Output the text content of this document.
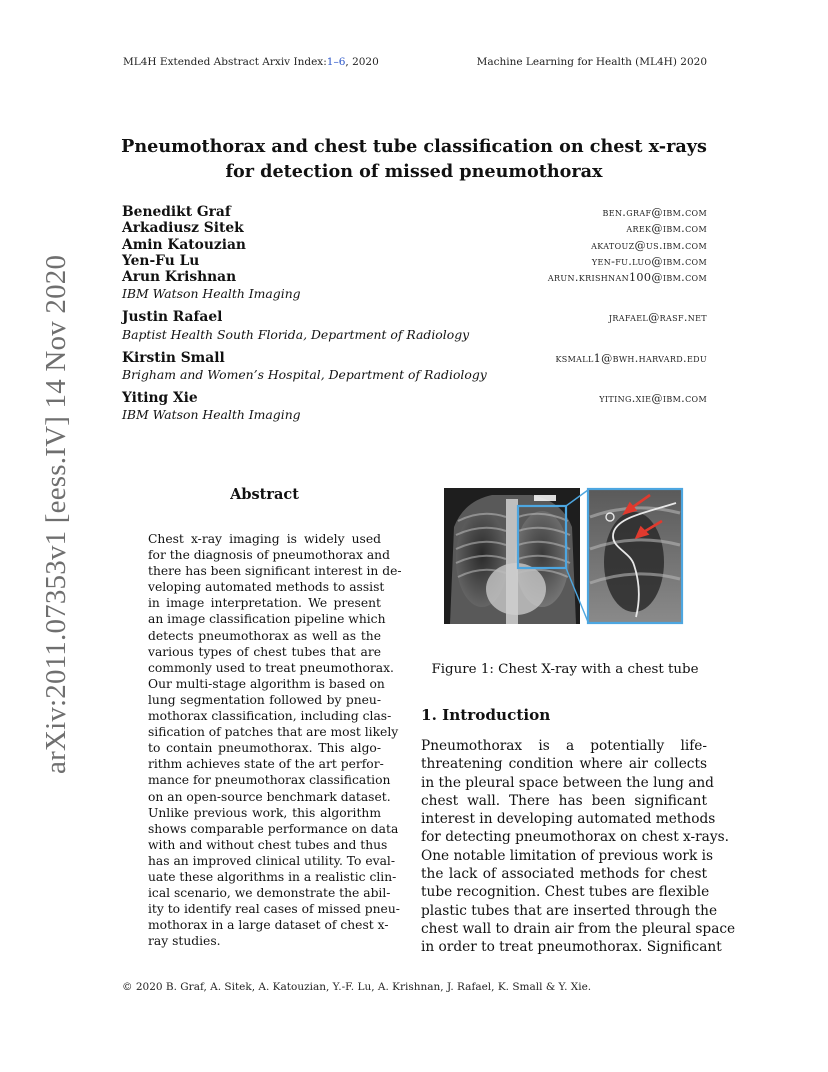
ML4H Extended Abstract Arxiv Index:1–6, 2020	Machine Learning for Health (ML4H) 2020
arXiv:2011.07353v1 [eess.IV] 14 Nov 2020
Pneumothorax and chest tube classification on chest x-rays
for detection of missed pneumothorax
Benedikt Graf	ben.graf@ibm.com
Arkadiusz Sitek	arek@ibm.com
Amin Katouzian	akatouz@us.ibm.com
Yen-Fu Lu	yen-fu.luo@ibm.com
Arun Krishnan	arun.krishnan100@ibm.com
IBM Watson Health Imaging
Justin Rafael	jrafael@rasf.net
Baptist Health South Florida, Department of Radiology
Kirstin Small	ksmall1@bwh.harvard.edu
Brigham and Women’s Hospital, Department of Radiology
Yiting Xie	yiting.xie@ibm.com
IBM Watson Health Imaging
Abstract
Chest x-ray imaging is widely used
for the diagnosis of pneumothorax and
there has been significant interest in de-
veloping automated methods to assist
in image interpretation. We present
an image classification pipeline which
detects pneumothorax as well as the
various types of chest tubes that are
commonly used to treat pneumothorax.
Our multi-stage algorithm is based on
lung segmentation followed by pneu-
mothorax classification, including clas-
sification of patches that are most likely
to contain pneumothorax. This algo-
rithm achieves state of the art perfor-
mance for pneumothorax classification
on an open-source benchmark dataset.
Unlike previous work, this algorithm
shows comparable performance on data
with and without chest tubes and thus
has an improved clinical utility. To eval-
uate these algorithms in a realistic clin-
ical scenario, we demonstrate the abil-
ity to identify real cases of missed pneu-
mothorax in a large dataset of chest x-
ray studies.
Figure 1: Chest X-ray with a chest tube
1. Introduction
Pneumothorax is a potentially life-
threatening condition where air collects
in the pleural space between the lung and
chest wall. There has been significant
interest in developing automated methods
for detecting pneumothorax on chest x-rays.
One notable limitation of previous work is
the lack of associated methods for chest
tube recognition. Chest tubes are flexible
plastic tubes that are inserted through the
chest wall to drain air from the pleural space
in order to treat pneumothorax. Significant
© 2020 B. Graf, A. Sitek, A. Katouzian, Y.-F. Lu, A. Krishnan, J. Rafael, K. Small & Y. Xie.
